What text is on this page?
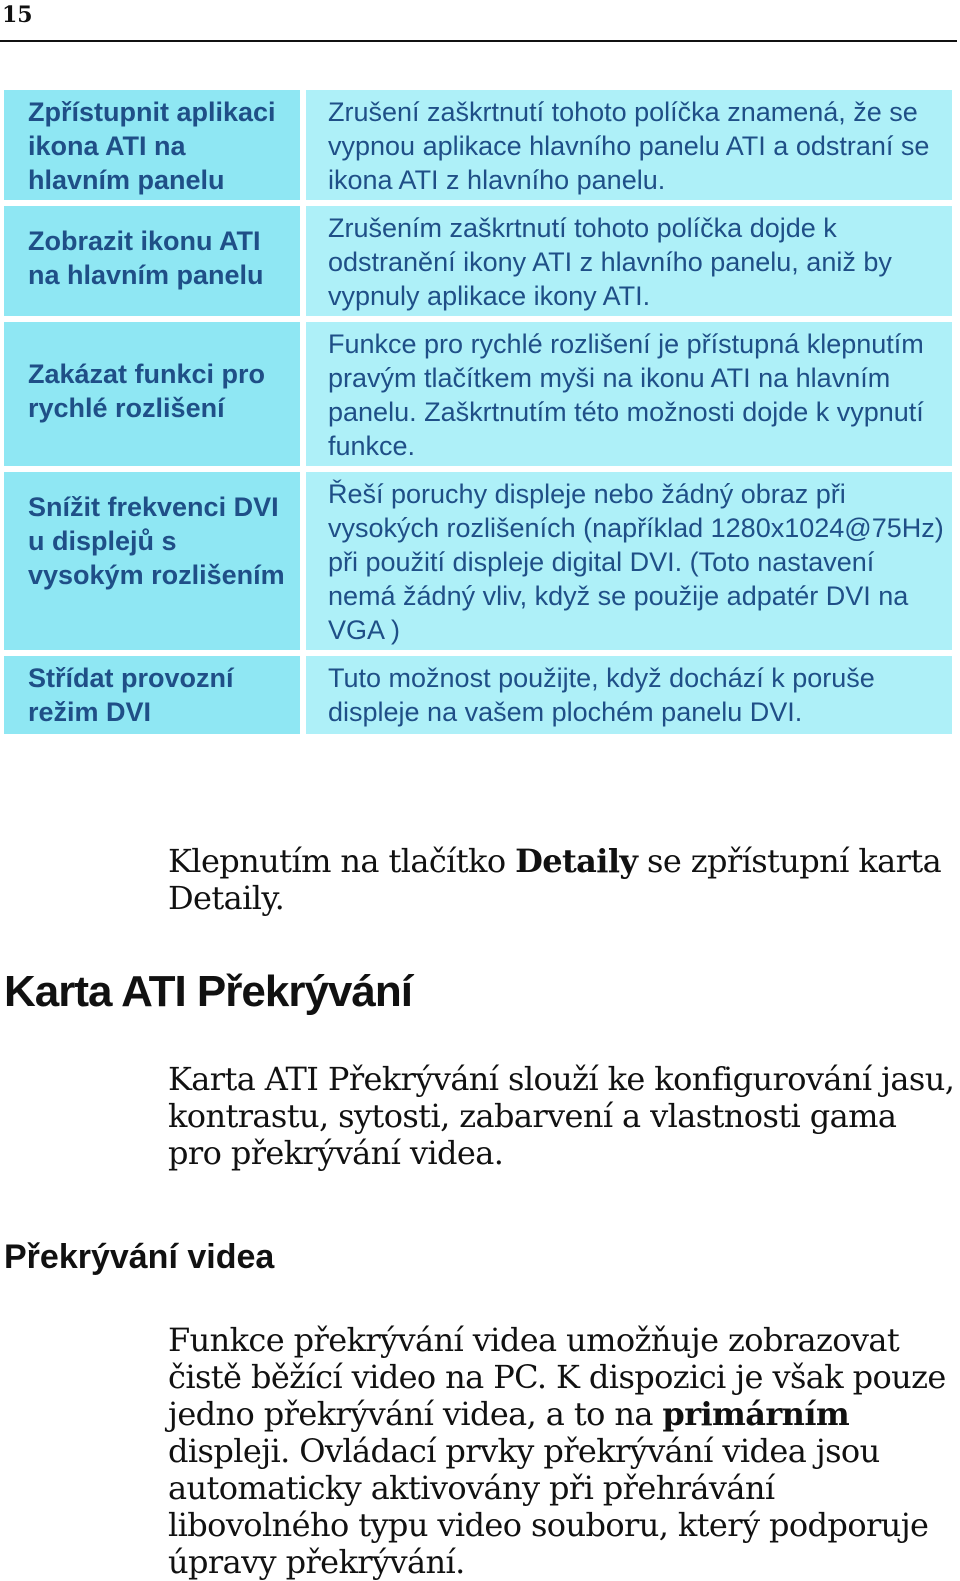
15
Zpřístupnit aplikaci ikona ATI na hlavním panelu
Zrušení zaškrtnutí tohoto políčka znamená, že se vypnou aplikace hlavního panelu ATI a odstraní se ikona ATI z hlavního panelu.
Zobrazit ikonu ATI na hlavním panelu
Zrušením zaškrtnutí tohoto políčka dojde k odstranění ikony ATI z hlavního panelu, aniž by vypnuly aplikace ikony ATI.
Zakázat funkci pro rychlé rozlišení
Funkce pro rychlé rozlišení je přístupná klepnutím pravým tlačítkem myši na ikonu ATI na hlavním panelu. Zaškrtnutím této možnosti dojde k vypnutí funkce.
Snížit frekvenci DVI u displejů s vysokým rozlišením
Řeší poruchy displeje nebo žádný obraz při vysokých rozlišeních (například 1280x1024@75Hz) při použití displeje digital DVI. (Toto nastavení nemá žádný vliv, když se použije adpatér DVI na VGA )
Střídat provozní režim DVI
Tuto možnost použijte, když dochází k poruše displeje na vašem plochém panelu DVI.
Klepnutím na tlačítko Detaily se zpřístupní karta Detaily.
Karta ATI Překrývání
Karta ATI Překrývání slouží ke konfigurování jasu, kontrastu, sytosti, zabarvení a vlastnosti gama pro překrývání videa.
Překrývání videa
Funkce překrývání videa umožňuje zobrazovat čistě běžící video na PC. K dispozici je však pouze jedno překrývání videa, a to na primárním displeji. Ovládací prvky překrývání videa jsou automaticky aktivovány při přehrávání libovolného typu video souboru, který podporuje úpravy překrývání.
